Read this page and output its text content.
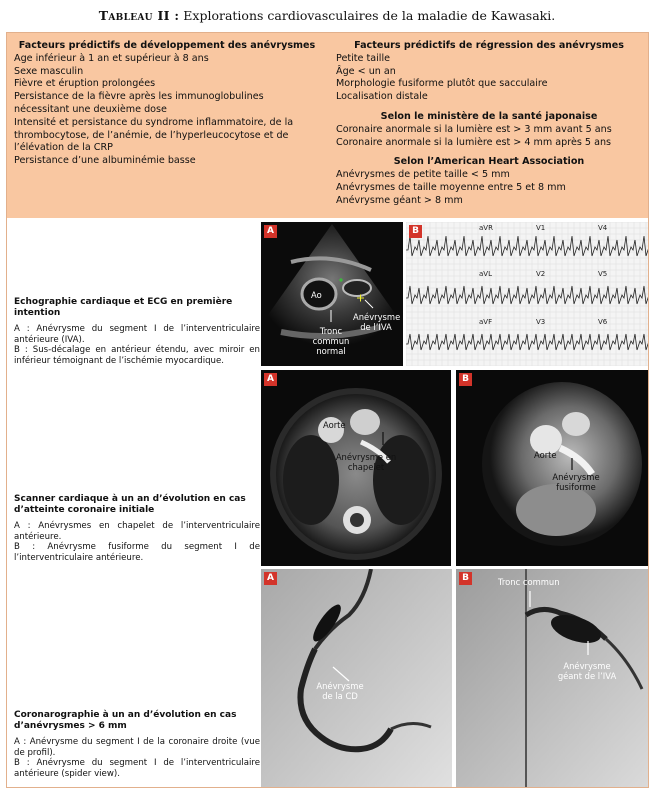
Tableau II : Explorations cardiovasculaires de la maladie de Kawasaki.
Facteurs prédictifs de développement des anévrysmes

Age inférieur à 1 an et supérieur à 8 ans

Sexe masculin

Fièvre et éruption prolongées

Persistance de la fièvre après les immunoglobulines nécessitant une deuxième dose

Intensité et persistance du syndrome inflammatoire, de la thrombocytose, de l’anémie, de l’hyperleucocytose et de l’élévation de la CRP

Persistance d’une albuminémie basse

Facteurs prédictifs de régression des anévrysmes

Petite taille

Âge < un an

Morphologie fusiforme plutôt que sacculaire

Localisation distale

Selon le ministère de la santé japonaise

Coronaire anormale si la lumière est > 3 mm avant 5 ans

Coronaire anormale si la lumière est > 4 mm après 5 ans

Selon l’American Heart Association

Anévrysmes de petite taille < 5 mm

Anévrysmes de taille moyenne entre 5 et 8 mm

Anévrysme géant > 8 mm

Echographie cardiaque et ECG en première intention

A : Anévrysme du segment I de l’interventriculaire antérieure (IVA).

B : Sus-décalage en antérieur étendu, avec miroir en inférieur témoignant de l’ischémie myocardique.

A
Ao
Anévrysme de l’IVA
Tronc commun normal
B	aVR	V1	V4
aVL	V2	V5
aVF	V3	V6
Scanner cardiaque à un an d’évolution en cas d’atteinte coronaire initiale

A : Anévrysmes en chapelet de l’interventriculaire antérieure.

B : Anévrysme fusiforme du segment I de l’interventriculaire antérieure.

A
Aorte
Anévrysme en chapelet
B
Aorte
Anévrysme fusiforme
Coronarographie à un an d’évolution en cas d’anévrysmes > 6 mm

A : Anévrysme du segment I de la coronaire droite (vue de profil).

B : Anévrysme du segment I de l’interventriculaire antérieure (spider view).

A
Anévrysme de la CD
B	Tronc commun
Anévrysme géant de l’IVA
